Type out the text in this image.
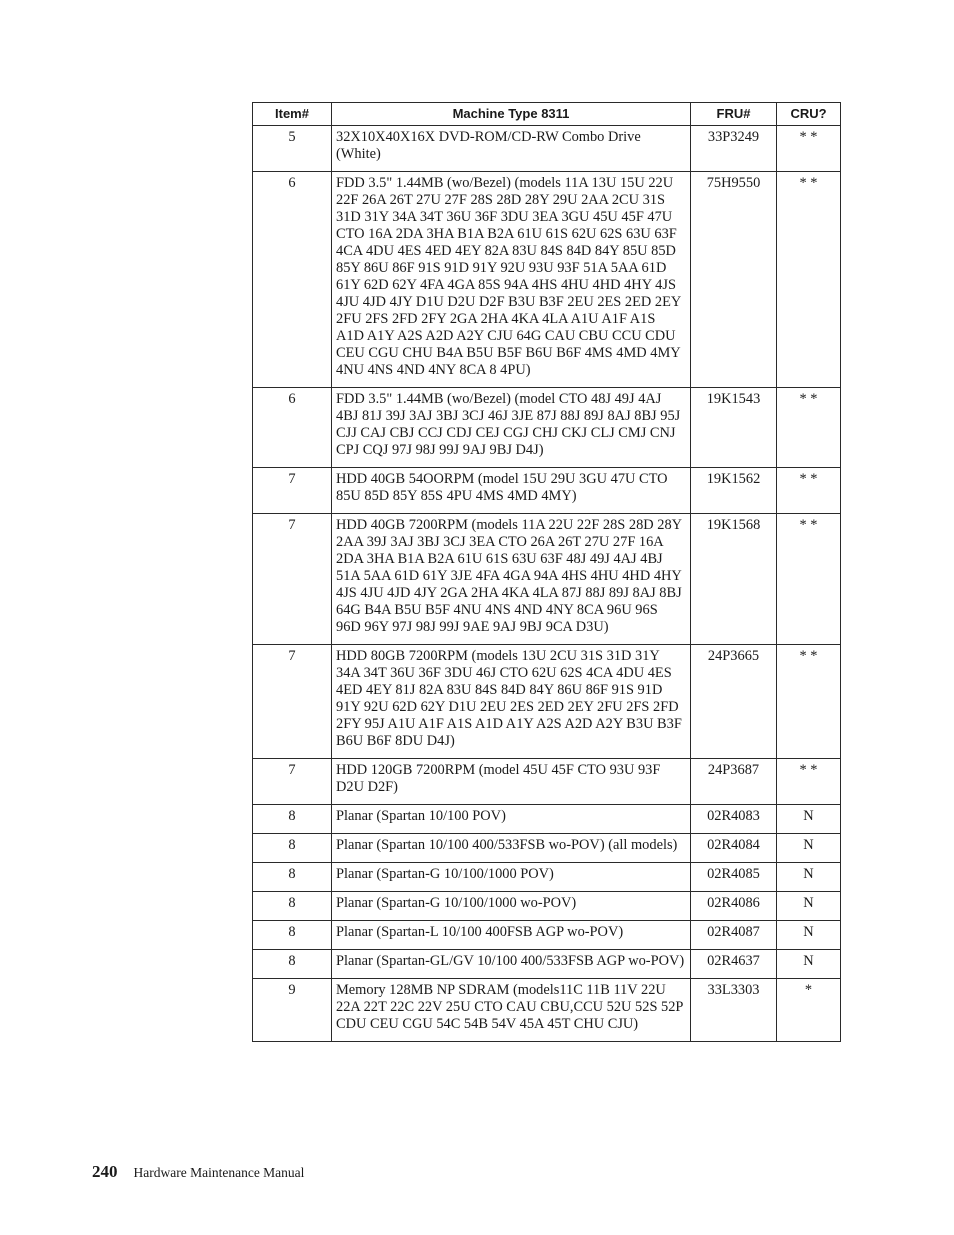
Item#	Machine Type 8311	FRU#	CRU?
5	32X10X40X16X DVD-ROM/CD-RW Combo Drive (White)	33P3249	* *
6	FDD 3.5" 1.44MB (wo/Bezel) (models 11A 13U 15U 22U 22F 26A 26T 27U 27F 28S 28D 28Y 29U 2AA 2CU 31S 31D 31Y 34A 34T 36U 36F 3DU 3EA 3GU 45U 45F 47U CTO 16A 2DA 3HA B1A B2A 61U 61S 62U 62S 63U 63F 4CA 4DU 4ES 4ED 4EY 82A 83U 84S 84D 84Y 85U 85D 85Y 86U 86F 91S 91D 91Y 92U 93U 93F 51A 5AA 61D 61Y 62D 62Y 4FA 4GA 85S 94A 4HS 4HU 4HD 4HY 4JS 4JU 4JD 4JY D1U D2U D2F B3U B3F 2EU 2ES 2ED 2EY 2FU 2FS 2FD 2FY 2GA 2HA 4KA 4LA A1U A1F A1S A1D A1Y A2S A2D A2Y CJU 64G CAU CBU CCU CDU CEU CGU CHU B4A B5U B5F B6U B6F 4MS 4MD 4MY 4NU 4NS 4ND 4NY 8CA 8 4PU)	75H9550	* *
6	FDD 3.5" 1.44MB (wo/Bezel) (model CTO 48J 49J 4AJ 4BJ 81J 39J 3AJ 3BJ 3CJ 46J 3JE 87J 88J 89J 8AJ 8BJ 95J CJJ CAJ CBJ CCJ CDJ CEJ CGJ CHJ CKJ CLJ CMJ CNJ CPJ CQJ 97J 98J 99J 9AJ 9BJ D4J)	19K1543	* *
7	HDD 40GB 54OORPM (model 15U 29U 3GU 47U CTO 85U 85D 85Y 85S 4PU 4MS 4MD 4MY)	19K1562	* *
7	HDD 40GB 7200RPM (models 11A 22U 22F 28S 28D 28Y 2AA 39J 3AJ 3BJ 3CJ 3EA CTO 26A 26T 27U 27F 16A 2DA 3HA B1A B2A 61U 61S 63U 63F 48J 49J 4AJ 4BJ 51A 5AA 61D 61Y 3JE 4FA 4GA 94A 4HS 4HU 4HD 4HY 4JS 4JU 4JD 4JY 2GA 2HA 4KA 4LA 87J 88J 89J 8AJ 8BJ 64G B4A B5U B5F 4NU 4NS 4ND 4NY 8CA 96U 96S 96D 96Y 97J 98J 99J 9AE 9AJ 9BJ 9CA D3U)	19K1568	* *
7	HDD 80GB 7200RPM (models 13U 2CU 31S 31D 31Y 34A 34T 36U 36F 3DU 46J CTO 62U 62S 4CA 4DU 4ES 4ED 4EY 81J 82A 83U 84S 84D 84Y 86U 86F 91S 91D 91Y 92U 62D 62Y D1U 2EU 2ES 2ED 2EY 2FU 2FS 2FD 2FY 95J A1U A1F A1S A1D A1Y A2S A2D A2Y B3U B3F B6U B6F 8DU D4J)	24P3665	* *
7	HDD 120GB 7200RPM (model 45U 45F CTO 93U 93F D2U D2F)	24P3687	* *
8	Planar (Spartan 10/100 POV)	02R4083	N
8	Planar (Spartan 10/100 400/533FSB wo-POV) (all models)	02R4084	N
8	Planar (Spartan-G 10/100/1000 POV)	02R4085	N
8	Planar (Spartan-G 10/100/1000 wo-POV)	02R4086	N
8	Planar (Spartan-L 10/100 400FSB AGP wo-POV)	02R4087	N
8	Planar (Spartan-GL/GV 10/100 400/533FSB AGP wo-POV)	02R4637	N
9	Memory 128MB NP SDRAM (models11C 11B 11V 22U 22A 22T 22C 22V 25U CTO CAU CBU,CCU 52U 52S 52P CDU CEU CGU 54C 54B 54V 45A 45T CHU CJU)	33L3303	*
240 Hardware Maintenance Manual
